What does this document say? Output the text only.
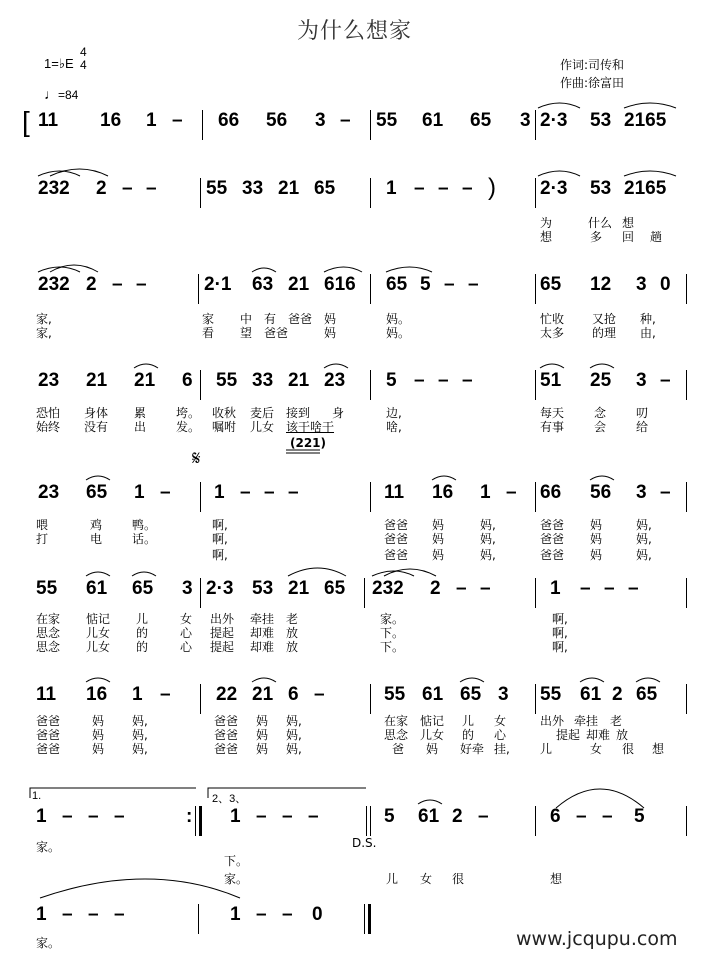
为什么想家
作词:司传和
作曲:徐富田
1=♭E
4
4
♩=84
[ 11 16 1 – 66 56 3 – 55 61 65 3 2·3 53 2165
232 2 – –	55 33 21 65	1 – – – ) 2·3 53 2165
为	什么 想
想	多 回 趟
232 2 – –	2·1 63 21 616 65 5 – –	65 12 3 0
家,	家 中 有 爸爸 妈	妈。	忙收 又抢 种,
家,	看 望 爸爸	妈	妈。	太多 的理 由,
23 21 21 6 55 33 21 23 5 – – –	51 25 3 –
恐怕 身体 累 垮。 收秋 麦后 接到 身	边,	每天 念 叨
始终 没有 出 发。 嘱咐 儿女 该干啥干	啥,	有事 会 给
(221)
𝄋
23 65 1 – 1 – – –	11 16 1 – 66 56 3 –
喂	鸡 鸭。	啊,	爸爸 妈	妈,	爸爸 妈	妈,
打	电 话。	啊,	爸爸 妈	妈,	爸爸 妈	妈,
啊,	爸爸 妈	妈,	爸爸 妈	妈,
55 61 65 3 2·3 53 21 65 232 2 – –	1 – – –
在家 惦记 儿	女 出外 牵挂 老	家。	啊,
思念 儿女 的	心 提起 却难 放	下。	啊,
思念 儿女 的	心 提起 却难 放	下。	啊,
11 16 1 – 22 21 6 –	55 61 65 3 55 61 2 65
爸爸	妈 妈,	爸爸 妈 妈,	在家 惦记 儿 女	出外 牵挂 老
爸爸	妈 妈,	爸爸 妈 妈,	思念 儿女 的 心	提起 却难 放
爸爸	妈 妈,	爸爸 妈 妈,	爸 妈 好牵 挂,	儿	女 很 想
1.	2、3、
1 – – –	: 1 – – –	5 61 2 –	6 – – 5
D.S.
家。
下。
家。	儿 女 很	想
1 – – –	1 – – 0
家。	www.jcqupu.com
